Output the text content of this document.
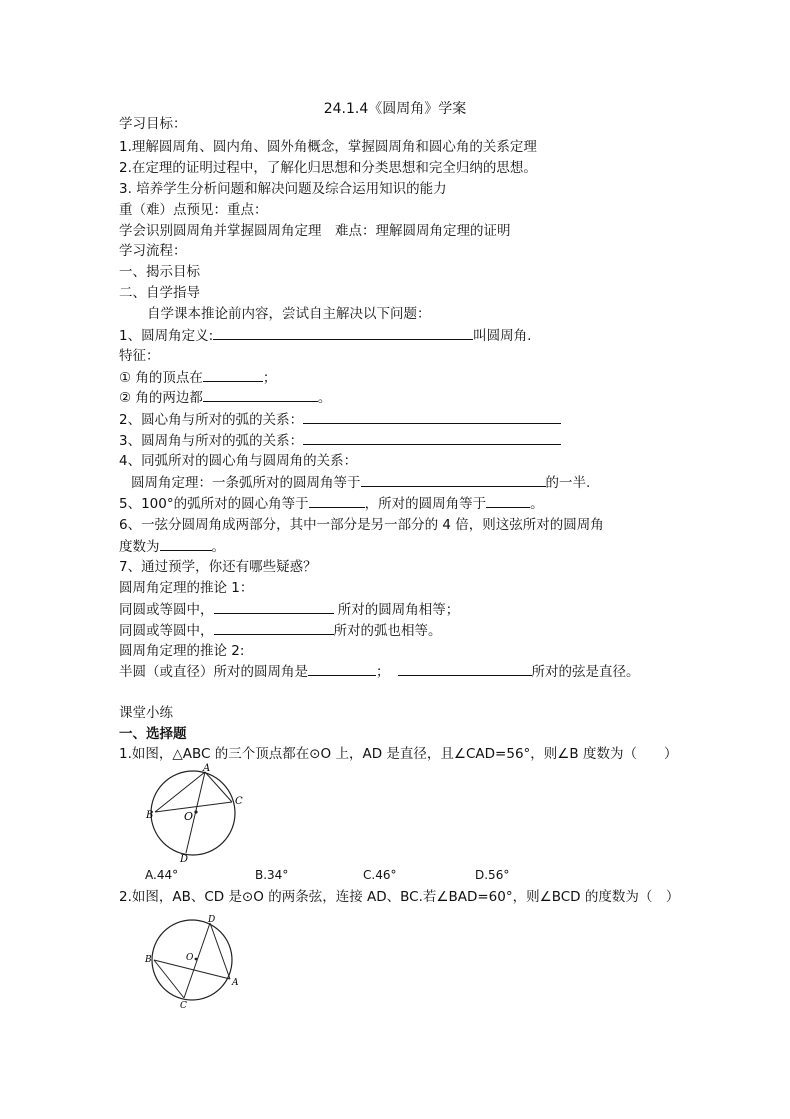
24.1.4《圆周角》学案
学习目标：
1.理解圆周角、圆内角、圆外角概念，掌握圆周角和圆心角的关系定理
2.在定理的证明过程中，了解化归思想和分类思想和完全归纳的思想。
3. 培养学生分析问题和解决问题及综合运用知识的能力
重（难）点预见：重点：
学会识别圆周角并掌握圆周角定理　难点：理解圆周角定理的证明
学习流程：
一、揭示目标
二、自学指导
自学课本推论前内容，尝试自主解决以下问题：
1、圆周角定义:	叫圆周角.
特征：
① 角的顶点在	；
② 角的两边都	。
2、圆心角与所对的弧的关系：
3、圆周角与所对的弧的关系：
4、同弧所对的圆心角与圆周角的关系：
圆周角定理：一条弧所对的圆周角等于	的一半.
5、100°的弧所对的圆心角等于	，所对的圆周角等于	。
6、一弦分圆周角成两部分，其中一部分是另一部分的 4 倍，则这弦所对的圆周角
度数为	。
7、通过预学，你还有哪些疑惑？
圆周角定理的推论 1：
同圆或等圆中，	所对的圆周角相等；
同圆或等圆中，	所对的弧也相等。
圆周角定理的推论 2:
半圆（或直径）所对的圆周角是	；	所对的弦是直径。
课堂小练
一、选择题
1.如图，△ABC 的三个顶点都在⊙O 上，AD 是直径，且∠CAD=56°，则∠B 度数为（　　）
A
B
C
O
D
A.44°	B.34°	C.46°	D.56°
2.如图，AB、CD 是⊙O 的两条弦，连接 AD、BC.若∠BAD=60°，则∠BCD 的度数为（　）
D
B	O
A
C
